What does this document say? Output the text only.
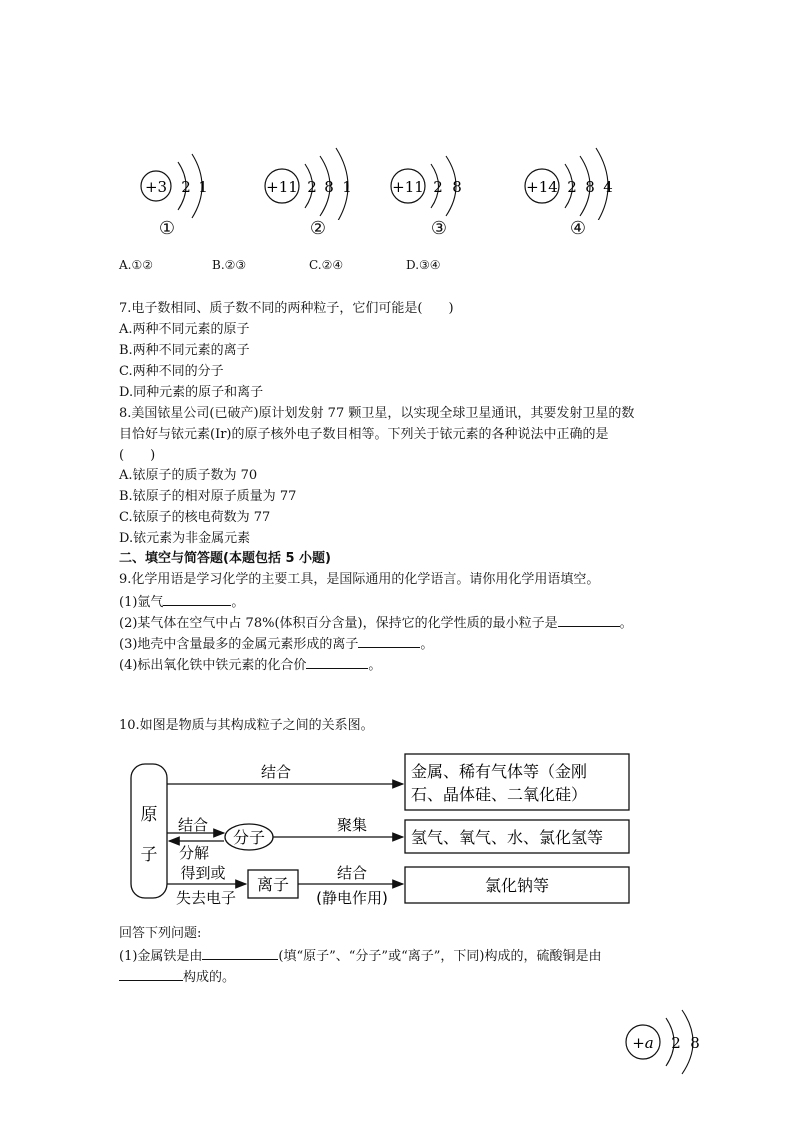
+3 2 1	+11 2 8 1	+11 2 8	+14 2 8 4
①	②	③	④
A.①②	B.②③	C.②④	D.③④
7.电子数相同、质子数不同的两种粒子，它们可能是(　　)
A.两种不同元素的原子
B.两种不同元素的离子
C.两种不同的分子
D.同种元素的原子和离子
8.美国铱星公司(已破产)原计划发射 77 颗卫星，以实现全球卫星通讯，其要发射卫星的数
目恰好与铱元素(Ir)的原子核外电子数目相等。下列关于铱元素的各种说法中正确的是
(　　)
A.铱原子的质子数为 70
B.铱原子的相对原子质量为 77
C.铱原子的核电荷数为 77
D.铱元素为非金属元素
二、填空与简答题(本题包括 5 小题)
9.化学用语是学习化学的主要工具，是国际通用的化学语言。请你用化学用语填空。
(1)氩气	。
(2)某气体在空气中占 78%(体积百分含量)，保持它的化学性质的最小粒子是	。
(3)地壳中含量最多的金属元素形成的离子	。
(4)标出氧化铁中铁元素的化合价	。
10.如图是物质与其构成粒子之间的关系图。
原
子
结合	金属、稀有气体等（金刚
石、晶体硅、二氧化硅）
结合
分解
分子
聚集
氢气、氧气、水、氯化氢等
得到或
失去电子
离子
结合
(静电作用)
氯化钠等
回答下列问题:
(1)金属铁是由	(填“原子”、“分子”或“离子”，下同)构成的，硫酸铜是由
构成的。
+a 2 8
